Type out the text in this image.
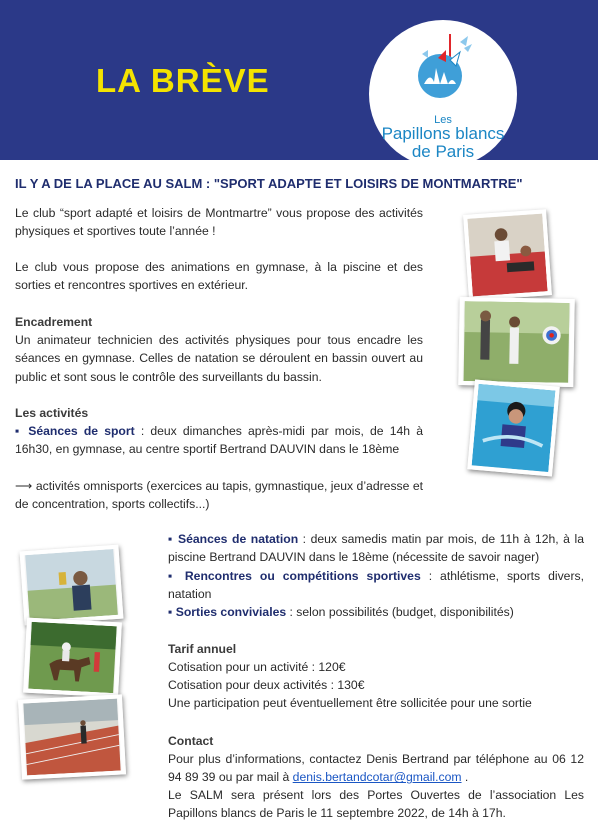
LA BRÈVE
Les
Papillons blancs
de Paris
IL Y A DE LA PLACE AU SALM : "SPORT ADAPTE ET LOISIRS DE MONTMARTRE"
Le club “sport adapté et loisirs de Montmartre” vous propose des activités physiques et sportives toute l’année !
Le club vous propose des animations en gymnase, à la piscine et des sorties et rencontres sportives en extérieur.
Encadrement
Un animateur technicien des activités physiques pour tous encadre les séances en gymnase. Celles de natation se déroulent en bassin ouvert au public et sont sous le contrôle des surveillants du bassin.
Les activités
▪ Séances de sport : deux dimanches après-midi par mois, de 14h à 16h30, en gymnase, au centre sportif Bertrand DAUVIN dans le 18ème
⟶ activités omnisports (exercices au tapis, gymnastique, jeux d’adresse et de concentration, sports collectifs...)
▪ Séances de natation : deux samedis matin par mois, de 11h à 12h, à la piscine Bertrand DAUVIN dans le 18ème (nécessite de savoir nager)
▪ Rencontres ou compétitions sportives : athlétisme, sports divers, natation
▪ Sorties conviviales : selon possibilités (budget, disponibilités)
Tarif annuel
Cotisation pour un activité : 120€
Cotisation pour deux activités : 130€
Une participation peut éventuellement être sollicitée pour une sortie
Contact
Pour plus d’informations, contactez Denis Bertrand par téléphone au 06 12 94 89 39 ou par mail à denis.bertandcotar@gmail.com .
Le SALM sera présent lors des Portes Ouvertes de l’association Les Papillons blancs de Paris le 11 septembre 2022, de 14h à 17h.
